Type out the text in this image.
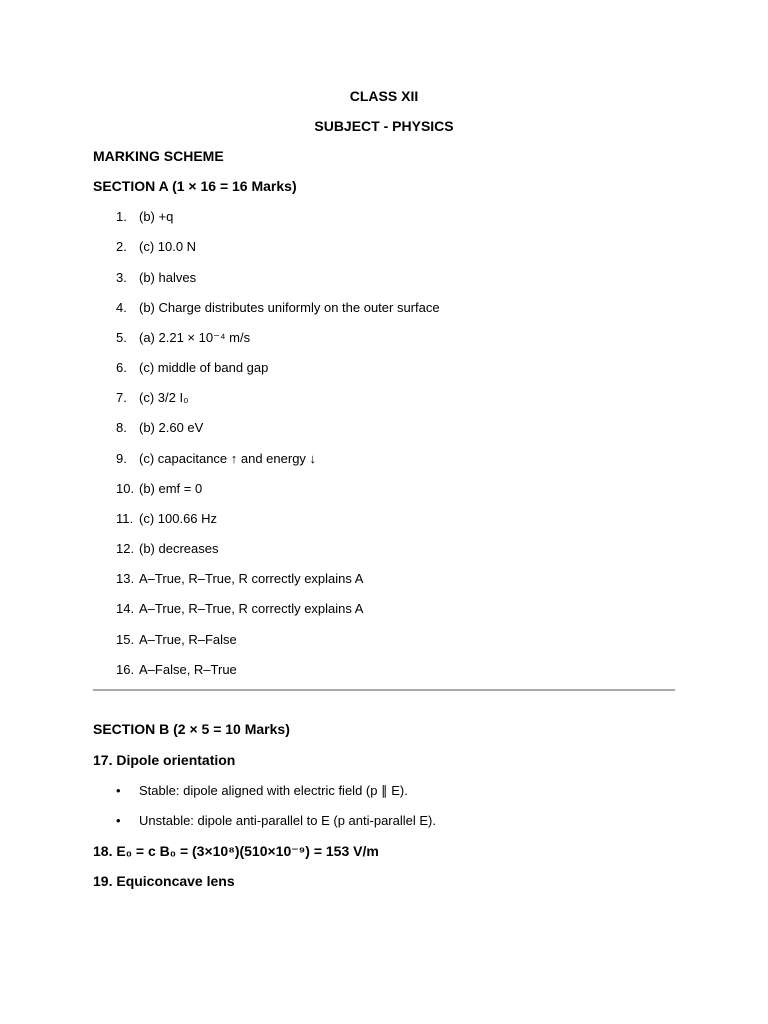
CLASS XII
SUBJECT - PHYSICS
MARKING SCHEME
SECTION A (1 × 16 = 16 Marks)
1. (b) +q
2. (c) 10.0 N
3. (b) halves
4. (b) Charge distributes uniformly on the outer surface
5. (a) 2.21 × 10⁻⁴ m/s
6. (c) middle of band gap
7. (c) 3/2 I₀
8. (b) 2.60 eV
9. (c) capacitance ↑ and energy ↓
10. (b) emf = 0
11. (c) 100.66 Hz
12. (b) decreases
13. A–True, R–True, R correctly explains A
14. A–True, R–True, R correctly explains A
15. A–True, R–False
16. A–False, R–True
SECTION B (2 × 5 = 10 Marks)
17. Dipole orientation
• Stable: dipole aligned with electric field (p ∥ E).
• Unstable: dipole anti-parallel to E (p anti-parallel E).
18. E₀ = c B₀ = (3×10⁸)(510×10⁻⁹) = 153 V/m
19. Equiconcave lens
